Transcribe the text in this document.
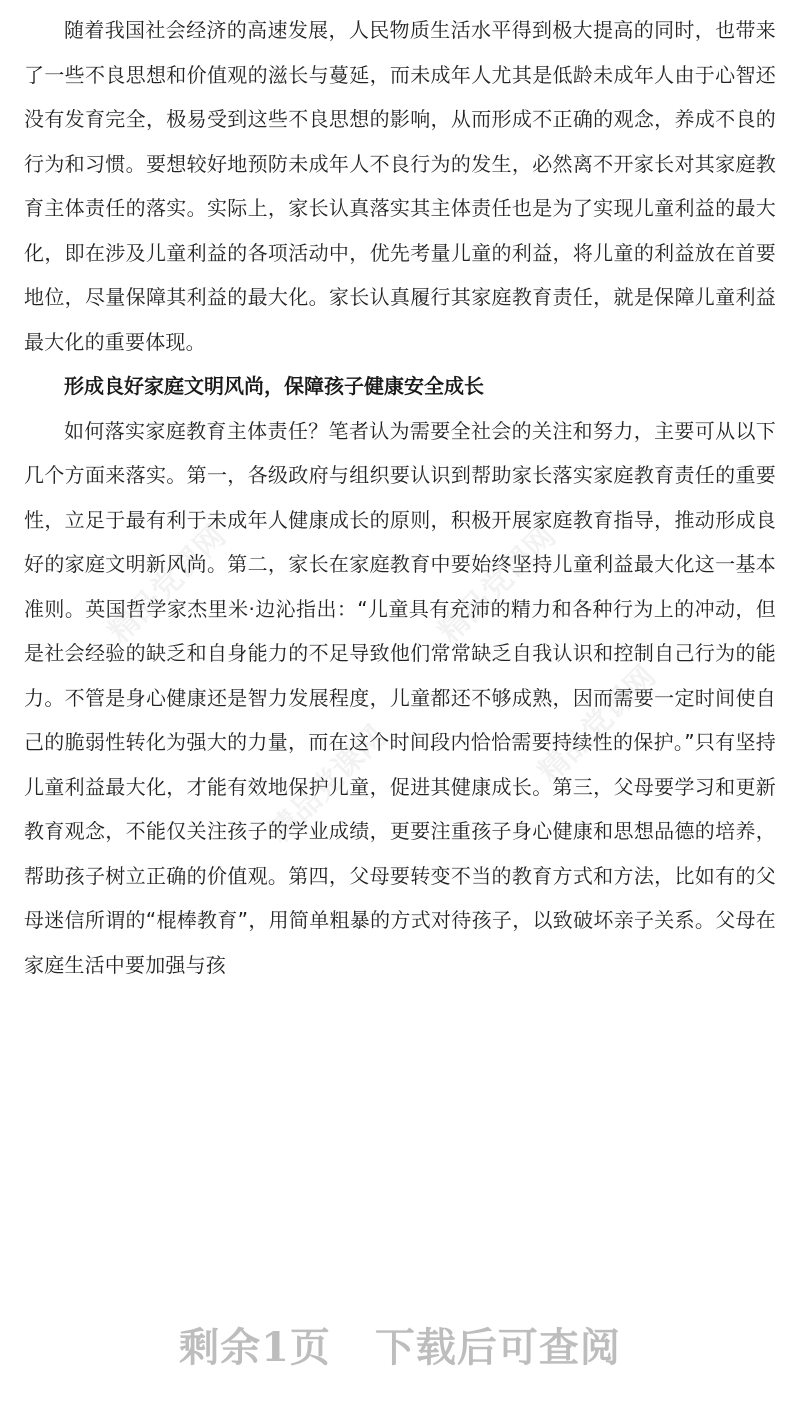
精品党课网	精品党课网
精品党课网	精品党课网

随着我国社会经济的高速发展，人民物质生活水平得到极大提高的同时，也带来了一些不良思想和价值观的滋长与蔓延，而未成年人尤其是低龄未成年人由于心智还没有发育完全，极易受到这些不良思想的影响，从而形成不正确的观念，养成不良的行为和习惯。要想较好地预防未成年人不良行为的发生，必然离不开家长对其家庭教育主体责任的落实。实际上，家长认真落实其主体责任也是为了实现儿童利益的最大化，即在涉及儿童利益的各项活动中，优先考量儿童的利益，将儿童的利益放在首要地位，尽量保障其利益的最大化。家长认真履行其家庭教育责任，就是保障儿童利益最大化的重要体现。

形成良好家庭文明风尚，保障孩子健康安全成长

如何落实家庭教育主体责任？笔者认为需要全社会的关注和努力，主要可从以下几个方面来落实。第一，各级政府与组织要认识到帮助家长落实家庭教育责任的重要性，立足于最有利于未成年人健康成长的原则，积极开展家庭教育指导，推动形成良好的家庭文明新风尚。第二，家长在家庭教育中要始终坚持儿童利益最大化这一基本准则。英国哲学家杰里米·边沁指出：“儿童具有充沛的精力和各种行为上的冲动，但是社会经验的缺乏和自身能力的不足导致他们常常缺乏自我认识和控制自己行为的能力。不管是身心健康还是智力发展程度，儿童都还不够成熟，因而需要一定时间使自己的脆弱性转化为强大的力量，而在这个时间段内恰恰需要持续性的保护。”只有坚持儿童利益最大化，才能有效地保护儿童，促进其健康成长。第三，父母要学习和更新教育观念，不能仅关注孩子的学业成绩，更要注重孩子身心健康和思想品德的培养，帮助孩子树立正确的价值观。第四，父母要转变不当的教育方式和方法，比如有的父母迷信所谓的“棍棒教育”，用简单粗暴的方式对待孩子，以致破坏亲子关系。父母在家庭生活中要加强与孩

剩余1页 下载后可查阅
